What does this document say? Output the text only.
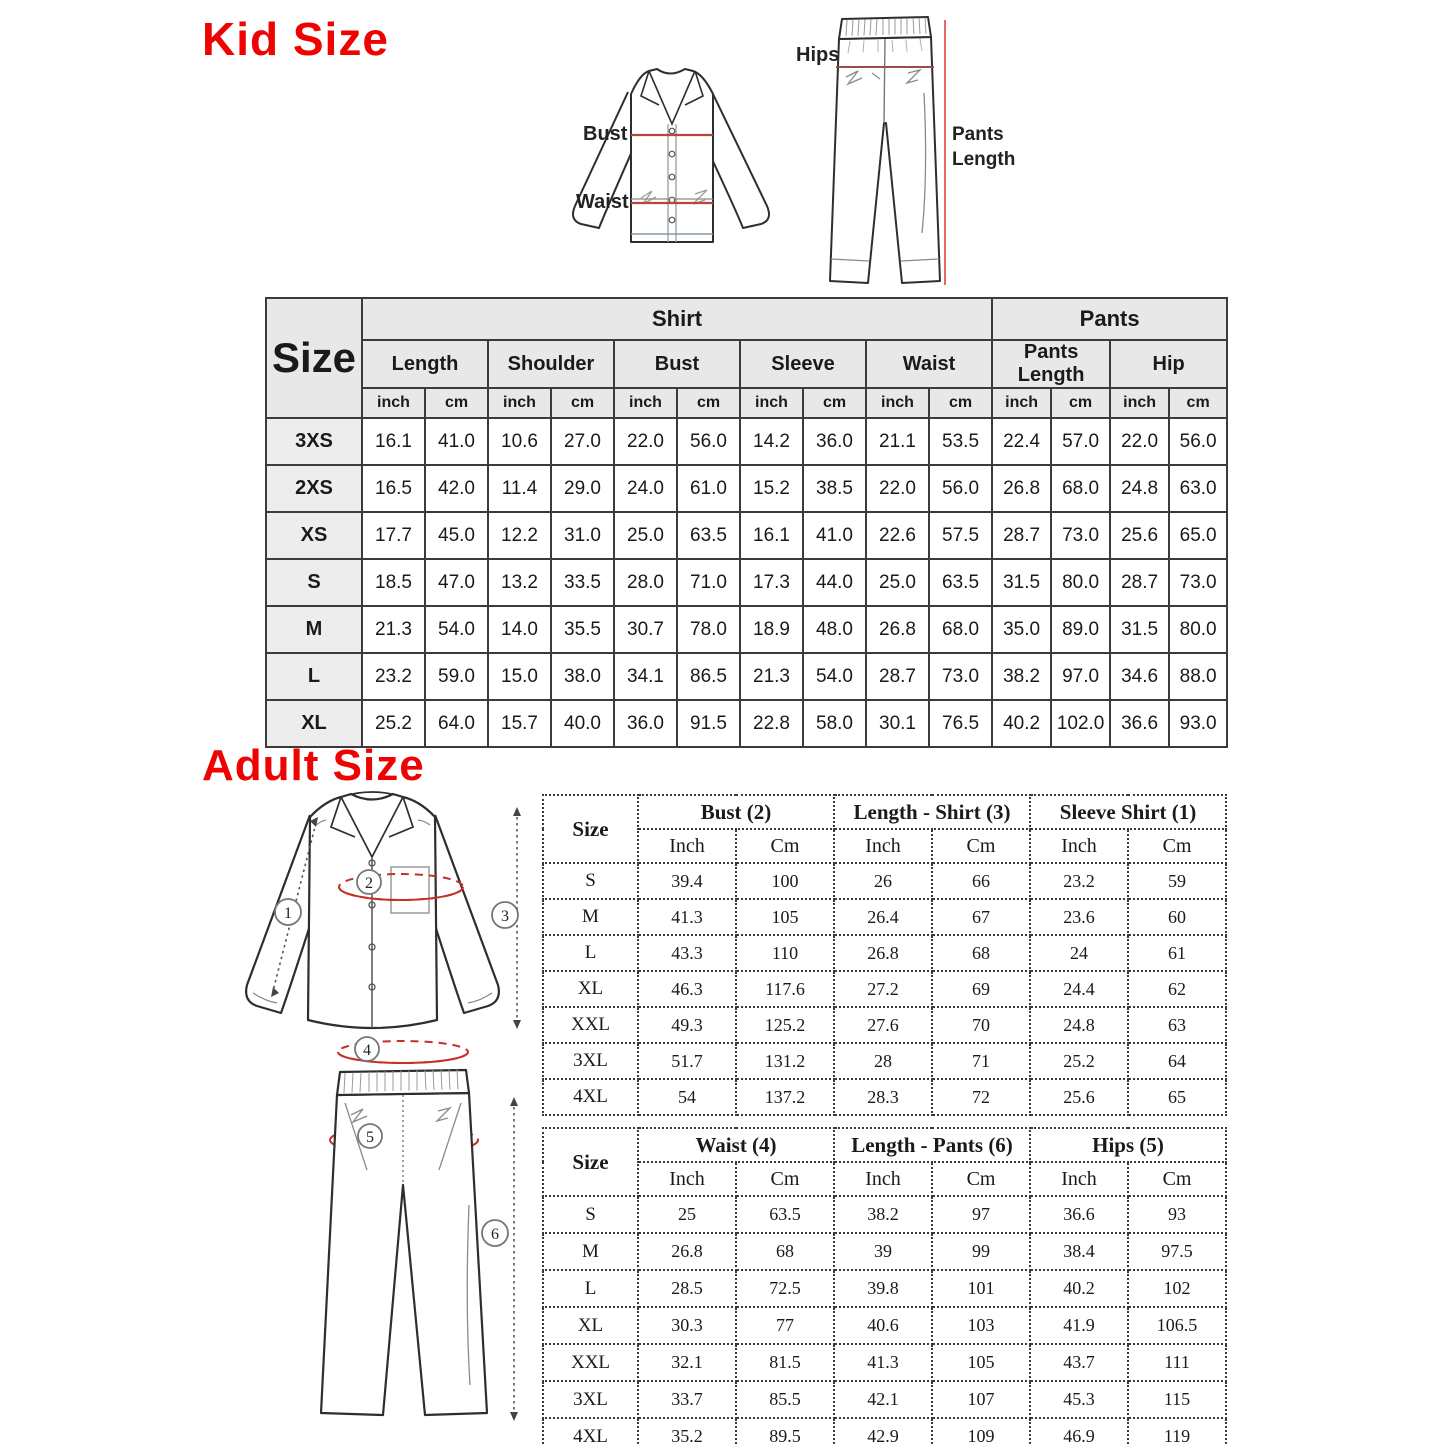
Kid Size
Bust
Waist
Hips
Pants Length
Size	Shirt										Pants			
	Length		Shoulder		Bust		Sleeve		Waist		Pants Length		Hip	
	inch	cm	inch	cm	inch	cm	inch	cm	inch	cm	inch	cm	inch	cm
3XS	16.1	41.0	10.6	27.0	22.0	56.0	14.2	36.0	21.1	53.5	22.4	57.0	22.0	56.0
2XS	16.5	42.0	11.4	29.0	24.0	61.0	15.2	38.5	22.0	56.0	26.8	68.0	24.8	63.0
XS	17.7	45.0	12.2	31.0	25.0	63.5	16.1	41.0	22.6	57.5	28.7	73.0	25.6	65.0
S	18.5	47.0	13.2	33.5	28.0	71.0	17.3	44.0	25.0	63.5	31.5	80.0	28.7	73.0
M	21.3	54.0	14.0	35.5	30.7	78.0	18.9	48.0	26.8	68.0	35.0	89.0	31.5	80.0
L	23.2	59.0	15.0	38.0	34.1	86.5	21.3	54.0	28.7	73.0	38.2	97.0	34.6	88.0
XL	25.2	64.0	15.7	40.0	36.0	91.5	22.8	58.0	30.1	76.5	40.2	102.0	36.6	93.0
Adult Size
1
2
3
4
5
6
Size	Bust (2)		Length - Shirt (3)		Sleeve Shirt (1)	
	Inch	Cm	Inch	Cm	Inch	Cm
S	39.4	100	26	66	23.2	59
M	41.3	105	26.4	67	23.6	60
L	43.3	110	26.8	68	24	61
XL	46.3	117.6	27.2	69	24.4	62
XXL	49.3	125.2	27.6	70	24.8	63
3XL	51.7	131.2	28	71	25.2	64
4XL	54	137.2	28.3	72	25.6	65
Size	Waist (4)		Length - Pants (6)		Hips (5)	
	Inch	Cm	Inch	Cm	Inch	Cm
S	25	63.5	38.2	97	36.6	93
M	26.8	68	39	99	38.4	97.5
L	28.5	72.5	39.8	101	40.2	102
XL	30.3	77	40.6	103	41.9	106.5
XXL	32.1	81.5	41.3	105	43.7	111
3XL	33.7	85.5	42.1	107	45.3	115
4XL	35.2	89.5	42.9	109	46.9	119
